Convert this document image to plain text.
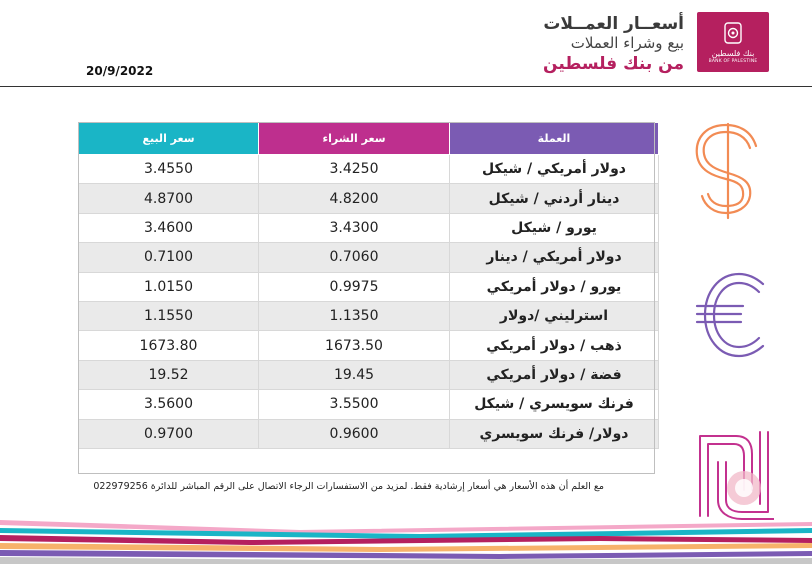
بنك فلسطين
BANK OF PALESTINE
أسعــار العمــلات
بيع وشراء العملات
من بنك فلسطين
20/9/2022
سعر البيع	سعر الشراء	العملة
3.4550	3.4250	دولار أمريكي / شيكل
4.8700	4.8200	دينار أردني / شيكل
3.4600	3.4300	يورو / شيكل
0.7100	0.7060	دولار أمريكي / دينار
1.0150	0.9975	يورو / دولار أمريكي
1.1550	1.1350	استرليني /دولار
1673.80	1673.50	ذهب / دولار أمريكي
19.52	19.45	فضة / دولار أمريكي
3.5600	3.5500	فرنك سويسري / شيكل
0.9700	0.9600	دولار/ فرنك سويسري
مع العلم أن هذه الأسعار هي أسعار إرشادية فقط. لمزيد من الاستفسارات الرجاء الاتصال على الرقم المباشر للدائرة 022979256
